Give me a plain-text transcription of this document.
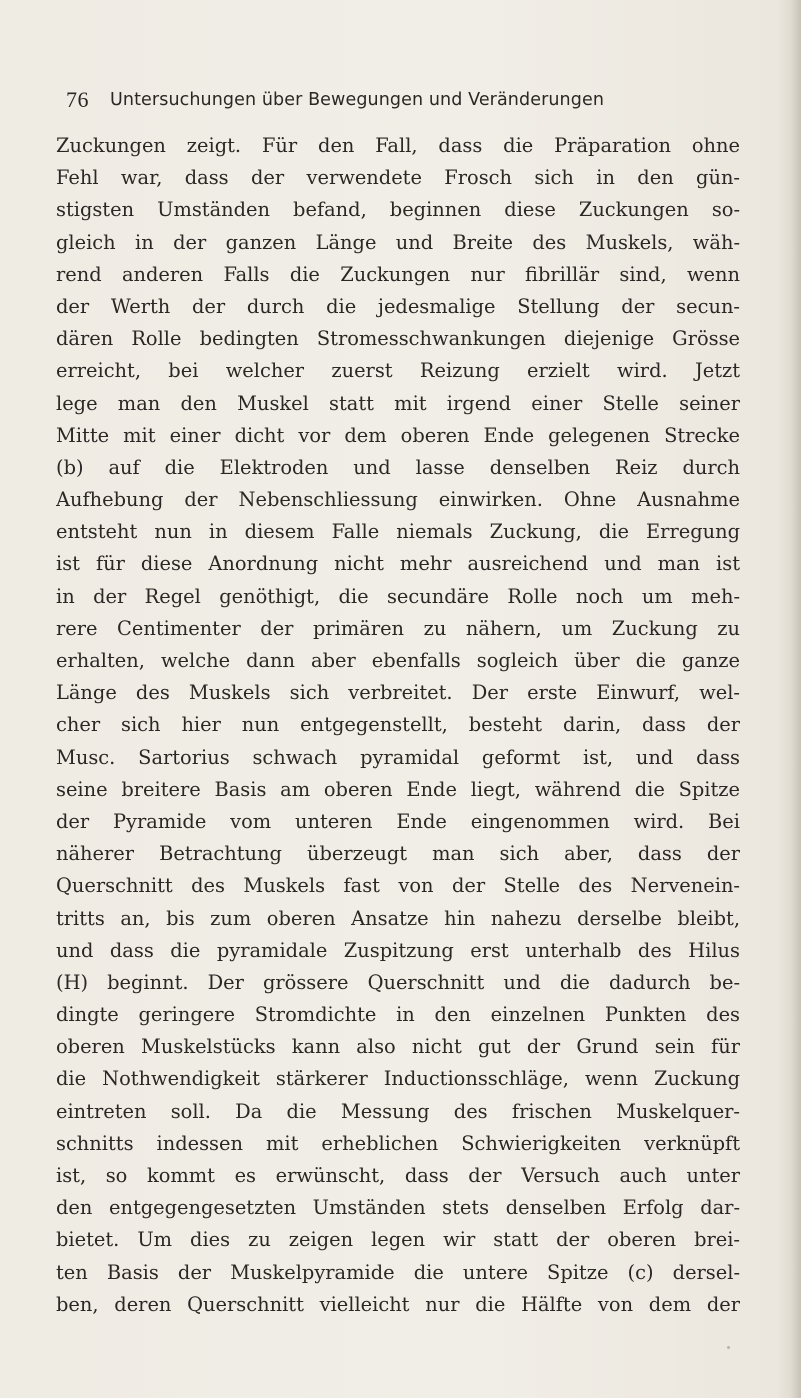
76 Untersuchungen über Bewegungen und Veränderungen
Zuckungen zeigt. Für den Fall, dass die Präparation ohne
Fehl war, dass der verwendete Frosch sich in den gün-
stigsten Umständen befand, beginnen diese Zuckungen so-
gleich in der ganzen Länge und Breite des Muskels, wäh-
rend anderen Falls die Zuckungen nur fibrillär sind, wenn
der Werth der durch die jedesmalige Stellung der secun-
dären Rolle bedingten Stromesschwankungen diejenige Grösse
erreicht, bei welcher zuerst Reizung erzielt wird. Jetzt
lege man den Muskel statt mit irgend einer Stelle seiner
Mitte mit einer dicht vor dem oberen Ende gelegenen Strecke
(b) auf die Elektroden und lasse denselben Reiz durch
Aufhebung der Nebenschliessung einwirken. Ohne Ausnahme
entsteht nun in diesem Falle niemals Zuckung, die Erregung
ist für diese Anordnung nicht mehr ausreichend und man ist
in der Regel genöthigt, die secundäre Rolle noch um meh-
rere Centimenter der primären zu nähern, um Zuckung zu
erhalten, welche dann aber ebenfalls sogleich über die ganze
Länge des Muskels sich verbreitet. Der erste Einwurf, wel-
cher sich hier nun entgegenstellt, besteht darin, dass der
Musc. Sartorius schwach pyramidal geformt ist, und dass
seine breitere Basis am oberen Ende liegt, während die Spitze
der Pyramide vom unteren Ende eingenommen wird. Bei
näherer Betrachtung überzeugt man sich aber, dass der
Querschnitt des Muskels fast von der Stelle des Nervenein-
tritts an, bis zum oberen Ansatze hin nahezu derselbe bleibt,
und dass die pyramidale Zuspitzung erst unterhalb des Hilus
(H) beginnt. Der grössere Querschnitt und die dadurch be-
dingte geringere Stromdichte in den einzelnen Punkten des
oberen Muskelstücks kann also nicht gut der Grund sein für
die Nothwendigkeit stärkerer Inductionsschläge, wenn Zuckung
eintreten soll. Da die Messung des frischen Muskelquer-
schnitts indessen mit erheblichen Schwierigkeiten verknüpft
ist, so kommt es erwünscht, dass der Versuch auch unter
den entgegengesetzten Umständen stets denselben Erfolg dar-
bietet. Um dies zu zeigen legen wir statt der oberen brei-
ten Basis der Muskelpyramide die untere Spitze (c) dersel-
ben, deren Querschnitt vielleicht nur die Hälfte von dem der
